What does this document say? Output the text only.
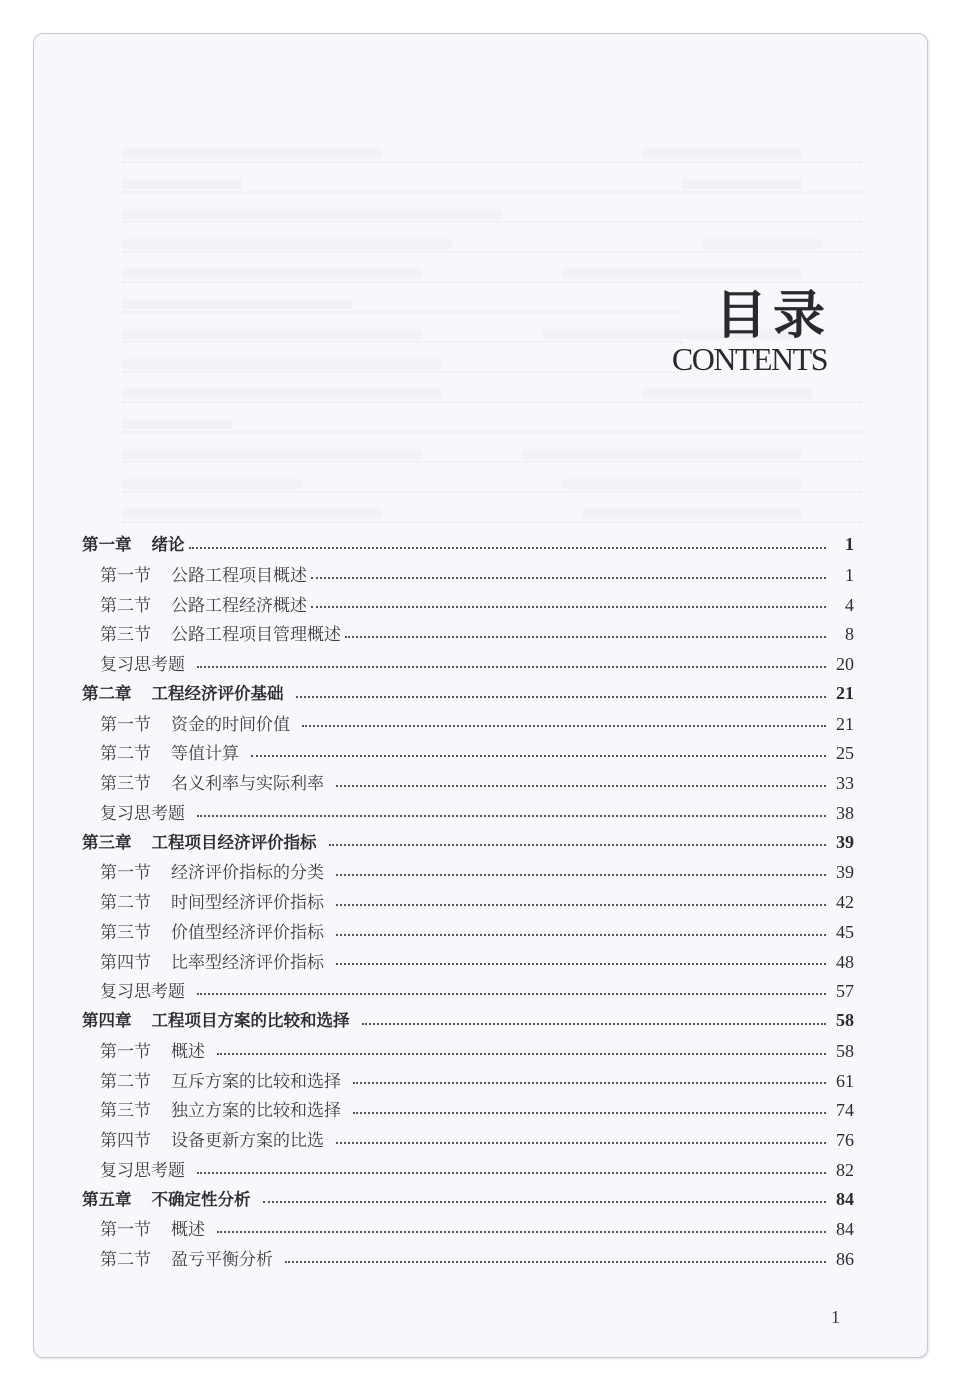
目录
CONTENTS
第一章 绪论	1
第一节 公路工程项目概述	1
第二节 公路工程经济概述	4
第三节 公路工程项目管理概述	8
复习思考题	20
第二章 工程经济评价基础	21
第一节 资金的时间价值	21
第二节 等值计算	25
第三节 名义利率与实际利率	33
复习思考题	38
第三章 工程项目经济评价指标	39
第一节 经济评价指标的分类	39
第二节 时间型经济评价指标	42
第三节 价值型经济评价指标	45
第四节 比率型经济评价指标	48
复习思考题	57
第四章 工程项目方案的比较和选择	58
第一节 概述	58
第二节 互斥方案的比较和选择	61
第三节 独立方案的比较和选择	74
第四节 设备更新方案的比选	76
复习思考题	82
第五章 不确定性分析	84
第一节 概述	84
第二节 盈亏平衡分析	86
1
